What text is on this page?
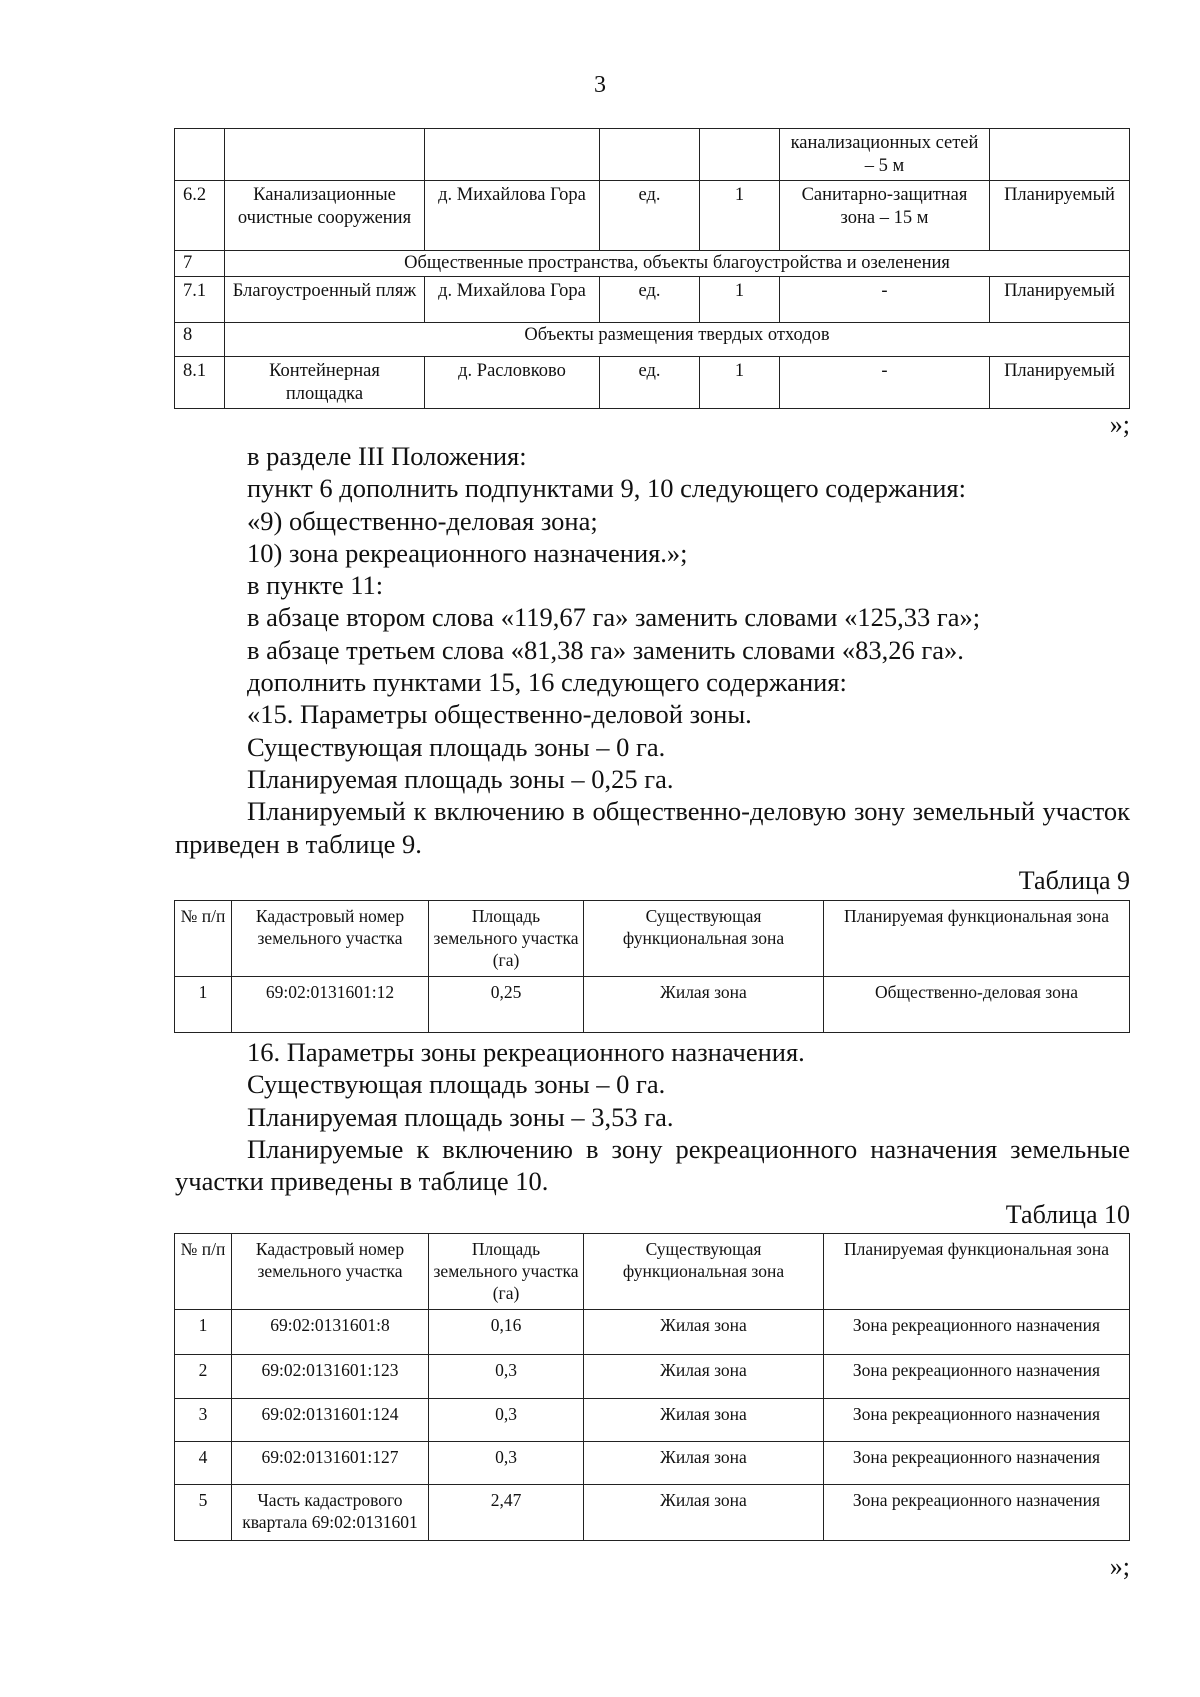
3
					канализационных сетей – 5 м	
6.2	Канализационные очистные сооружения	д. Михайлова Гора	ед.	1	Санитарно-защитная зона – 15 м	Планируемый
7	Общественные пространства, объекты благоустройства и озеленения					
7.1	Благоустроенный пляж	д. Михайлова Гора	ед.	1	-	Планируемый
8	Объекты размещения твердых отходов					
8.1	Контейнерная площадка	д. Расловково	ед.	1	-	Планируемый
»;

в разделе III Положения:

пункт 6 дополнить подпунктами 9, 10 следующего содержания:

«9) общественно-деловая зона;

10) зона рекреационного назначения.»;

в пункте 11:

в абзаце втором слова «119,67 га» заменить словами «125,33 га»;

в абзаце третьем слова «81,38 га» заменить словами «83,26 га».

дополнить пунктами 15, 16 следующего содержания:

«15. Параметры общественно-деловой зоны.

Существующая площадь зоны – 0 га.

Планируемая площадь зоны – 0,25 га.

Планируемый к включению в общественно-деловую зону земельный участок приведен в таблице 9.

Таблица 9
№ п/п	Кадастровый номер земельного участка	Площадь земельного участка (га)	Существующая функциональная зона	Планируемая функциональная зона
1	69:02:0131601:12	0,25	Жилая зона	Общественно-деловая зона

16. Параметры зоны рекреационного назначения.

Существующая площадь зоны – 0 га.

Планируемая площадь зоны – 3,53 га.

Планируемые к включению в зону рекреационного назначения земельные участки приведены в таблице 10.

Таблица 10
№ п/п	Кадастровый номер земельного участка	Площадь земельного участка (га)	Существующая функциональная зона	Планируемая функциональная зона
1	69:02:0131601:8	0,16	Жилая зона	Зона рекреационного назначения
2	69:02:0131601:123	0,3	Жилая зона	Зона рекреационного назначения
3	69:02:0131601:124	0,3	Жилая зона	Зона рекреационного назначения
4	69:02:0131601:127	0,3	Жилая зона	Зона рекреационного назначения
5	Часть кадастрового квартала 69:02:0131601	2,47	Жилая зона	Зона рекреационного назначения
»;
